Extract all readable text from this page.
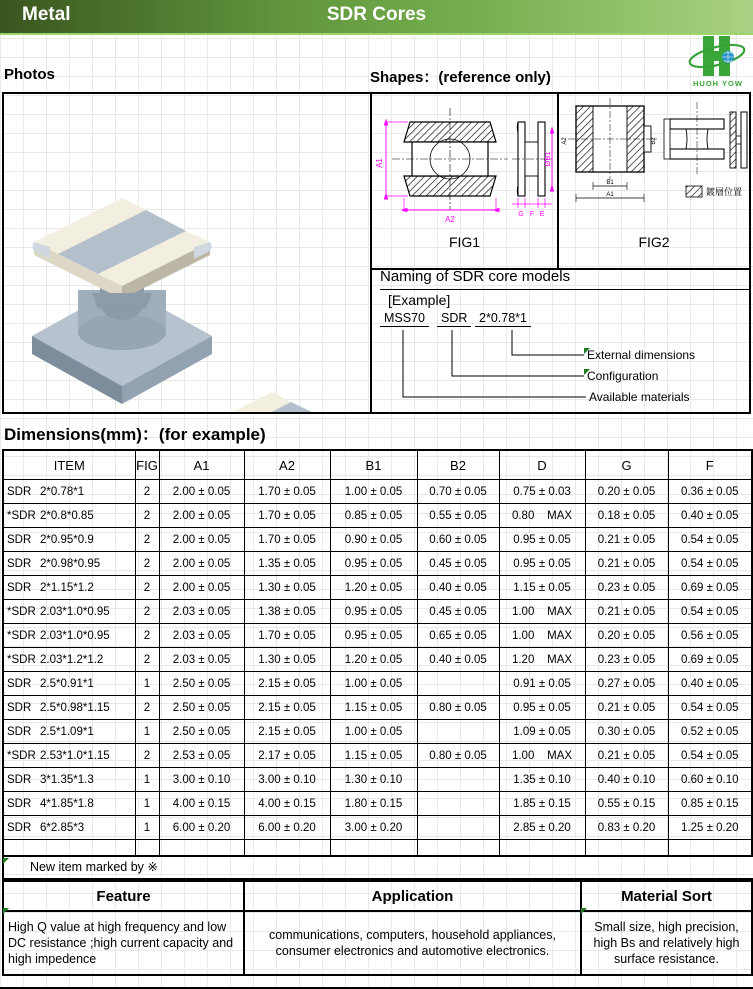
Metal	SDR Cores
HUOH YOW
Photos	Shapes：(reference only)
A1
A2
ØB1
G F E
A2	B2
B1
A1	鍍層位置
FIG1	FIG2
Naming of SDR core models
[Example]
MSS70	SDR 2*0.78*1
External dimensions
Configuration
Available materials
Dimensions(mm)：(for example)
ITEM	FIG	A1	A2	B1	B2	D	G	F
SDR 2*0.78*1	2	2.00 ± 0.05	1.70 ± 0.05	1.00 ± 0.05	0.70 ± 0.05	0.75 ± 0.03	0.20 ± 0.05	0.36 ± 0.05
*SDR 2*0.8*0.85	2	2.00 ± 0.05	1.70 ± 0.05	0.85 ± 0.05	0.55 ± 0.05	0.80    MAX	0.18 ± 0.05	0.40 ± 0.05
SDR 2*0.95*0.9	2	2.00 ± 0.05	1.70 ± 0.05	0.90 ± 0.05	0.60 ± 0.05	0.95 ± 0.05	0.21 ± 0.05	0.54 ± 0.05
SDR 2*0.98*0.95	2	2.00 ± 0.05	1.35 ± 0.05	0.95 ± 0.05	0.45 ± 0.05	0.95 ± 0.05	0.21 ± 0.05	0.54 ± 0.05
SDR 2*1.15*1.2	2	2.00 ± 0.05	1.30 ± 0.05	1.20 ± 0.05	0.40 ± 0.05	1.15 ± 0.05	0.23 ± 0.05	0.69 ± 0.05
*SDR 2.03*1.0*0.95	2	2.03 ± 0.05	1.38 ± 0.05	0.95 ± 0.05	0.45 ± 0.05	1.00    MAX	0.21 ± 0.05	0.54 ± 0.05
*SDR 2.03*1.0*0.95	2	2.03 ± 0.05	1.70 ± 0.05	0.95 ± 0.05	0.65 ± 0.05	1.00    MAX	0.20 ± 0.05	0.56 ± 0.05
*SDR 2.03*1.2*1.2	2	2.03 ± 0.05	1.30 ± 0.05	1.20 ± 0.05	0.40 ± 0.05	1.20    MAX	0.23 ± 0.05	0.69 ± 0.05
SDR 2.5*0.91*1	1	2.50 ± 0.05	2.15 ± 0.05	1.00 ± 0.05		0.91 ± 0.05	0.27 ± 0.05	0.40 ± 0.05
SDR 2.5*0.98*1.15	2	2.50 ± 0.05	2.15 ± 0.05	1.15 ± 0.05	0.80 ± 0.05	0.95 ± 0.05	0.21 ± 0.05	0.54 ± 0.05
SDR 2.5*1.09*1	1	2.50 ± 0.05	2.15 ± 0.05	1.00 ± 0.05		1.09 ± 0.05	0.30 ± 0.05	0.52 ± 0.05
*SDR 2.53*1.0*1.15	2	2.53 ± 0.05	2.17 ± 0.05	1.15 ± 0.05	0.80 ± 0.05	1.00    MAX	0.21 ± 0.05	0.54 ± 0.05
SDR 3*1.35*1.3	1	3.00 ± 0.10	3.00 ± 0.10	1.30 ± 0.10		1.35 ± 0.10	0.40 ± 0.10	0.60 ± 0.10
SDR 4*1.85*1.8	1	4.00 ± 0.15	4.00 ± 0.15	1.80 ± 0.15		1.85 ± 0.15	0.55 ± 0.15	0.85 ± 0.15
SDR 6*2.85*3	1	6.00 ± 0.20	6.00 ± 0.20	3.00 ± 0.20		2.85 ± 0.20	0.83 ± 0.20	1.25 ± 0.20

New item marked by ※
Feature	Application	Material Sort
High Q value at high frequency and low DC resistance ;high current capacity and high impedence	communications, computers, household appliances, consumer electronics and automotive electronics.	Small size, high precision, high Bs and relatively high surface resistance.
